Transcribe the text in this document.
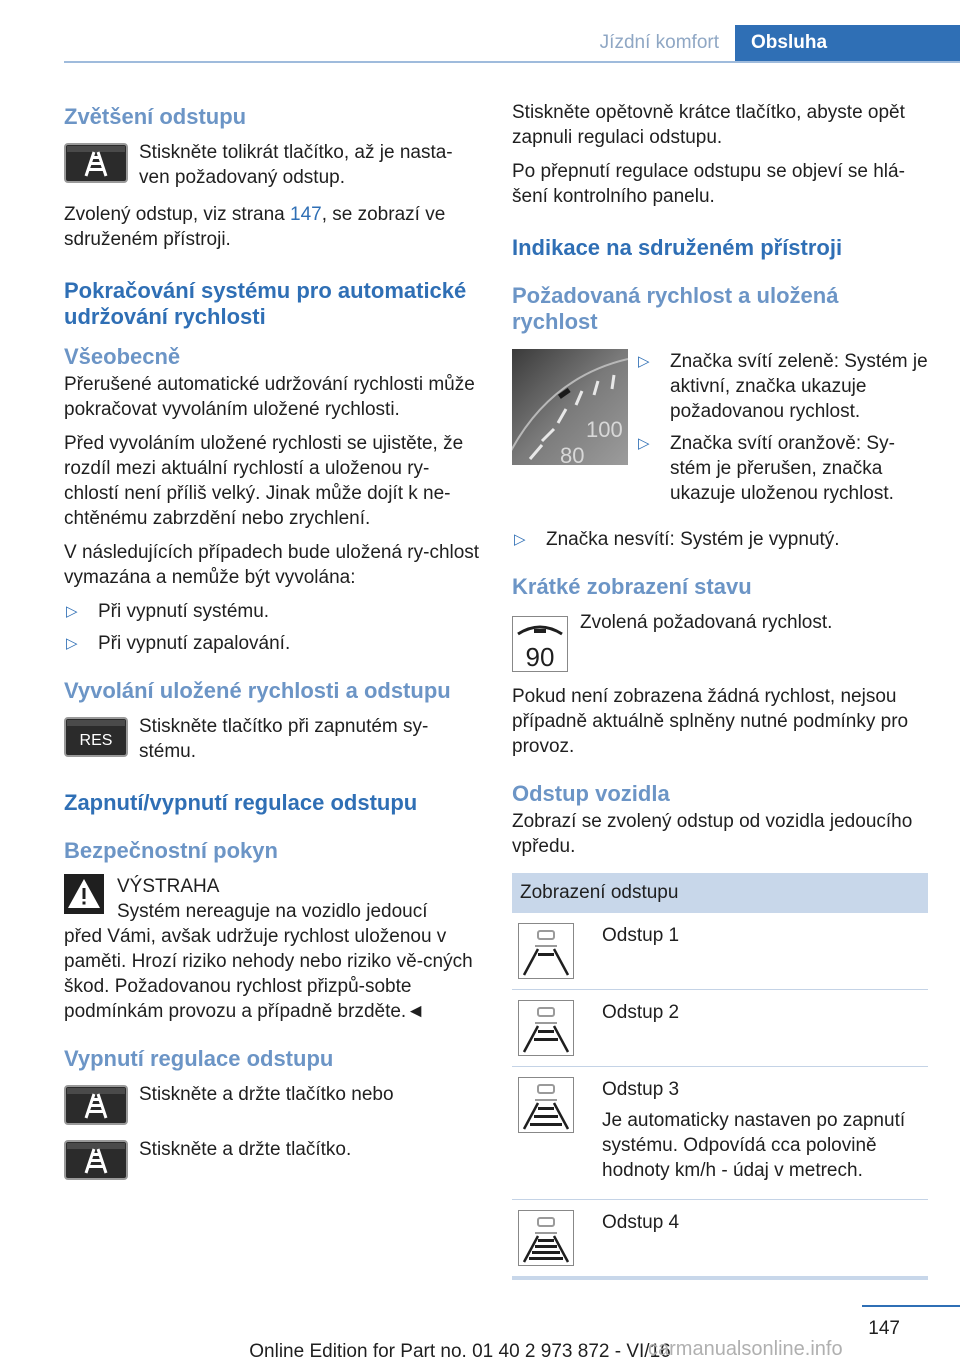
Jízdní komfort	Obsluha
Zvětšení odstupu
Stiskněte tolikrát tlačítko, až je nasta-ven požadovaný odstup.

Zvolený odstup, viz strana 147, se zobrazí ve sdruženém přístroji.

Pokračování systému pro automatické udržování rychlosti
Všeobecně

Přerušené automatické udržování rychlosti může pokračovat vyvoláním uložené rychlosti.

Před vyvoláním uložené rychlosti se ujistěte, že rozdíl mezi aktuální rychlostí a uloženou ry-chlostí není příliš velký. Jinak může dojít k ne-chtěnému zabrzdění nebo zrychlení.

V následujících případech bude uložená ry-chlost vymazána a nemůže být vyvolána:

▷ Při vypnutí systému.
▷ Při vypnutí zapalování.
Vyvolání uložené rychlosti a odstupu
RES
Stiskněte tlačítko při zapnutém sy-stému.
Zapnutí/vypnutí regulace odstupu
Bezpečnostní pokyn
VÝSTRAHA
Systém nereaguje na vozidlo jedoucí

před Vámi, avšak udržuje rychlost uloženou v paměti. Hrozí riziko nehody nebo riziko vě-cných škod. Požadovanou rychlost přizpů-sobte podmínkám provozu a případně brzděte.◄

Vypnutí regulace odstupu
Stiskněte a držte tlačítko nebo
Stiskněte a držte tlačítko.

Stiskněte opětovně krátce tlačítko, abyste opět zapnuli regulaci odstupu.

Po přepnutí regulace odstupu se objeví se hlá-šení kontrolního panelu.

Indikace na sdruženém přístroji
Požadovaná rychlost a uložená rychlost
100
80
▷ Značka svítí zeleně: Systém je aktivní, značka ukazuje požadovanou rychlost.
▷ Značka svítí oranžově: Sy-stém je přerušen, značka ukazuje uloženou rychlost.
▷ Značka nesvítí: Systém je vypnutý.
Krátké zobrazení stavu
90
Zvolená požadovaná rychlost.

Pokud není zobrazena žádná rychlost, nejsou případně aktuálně splněny nutné podmínky pro provoz.

Odstup vozidla

Zobrazí se zvolený odstup od vozidla jedoucího vpředu.

Zobrazení odstupu

Odstup 1

Odstup 2

Odstup 3

Je automaticky nastaven po zapnutí systému. Odpovídá cca polovině hodnoty km/h - údaj v metrech.

Odstup 4

147
Online Edition for Part no. 01 40 2 973 872 - VI/16
carmanualsonline.info
